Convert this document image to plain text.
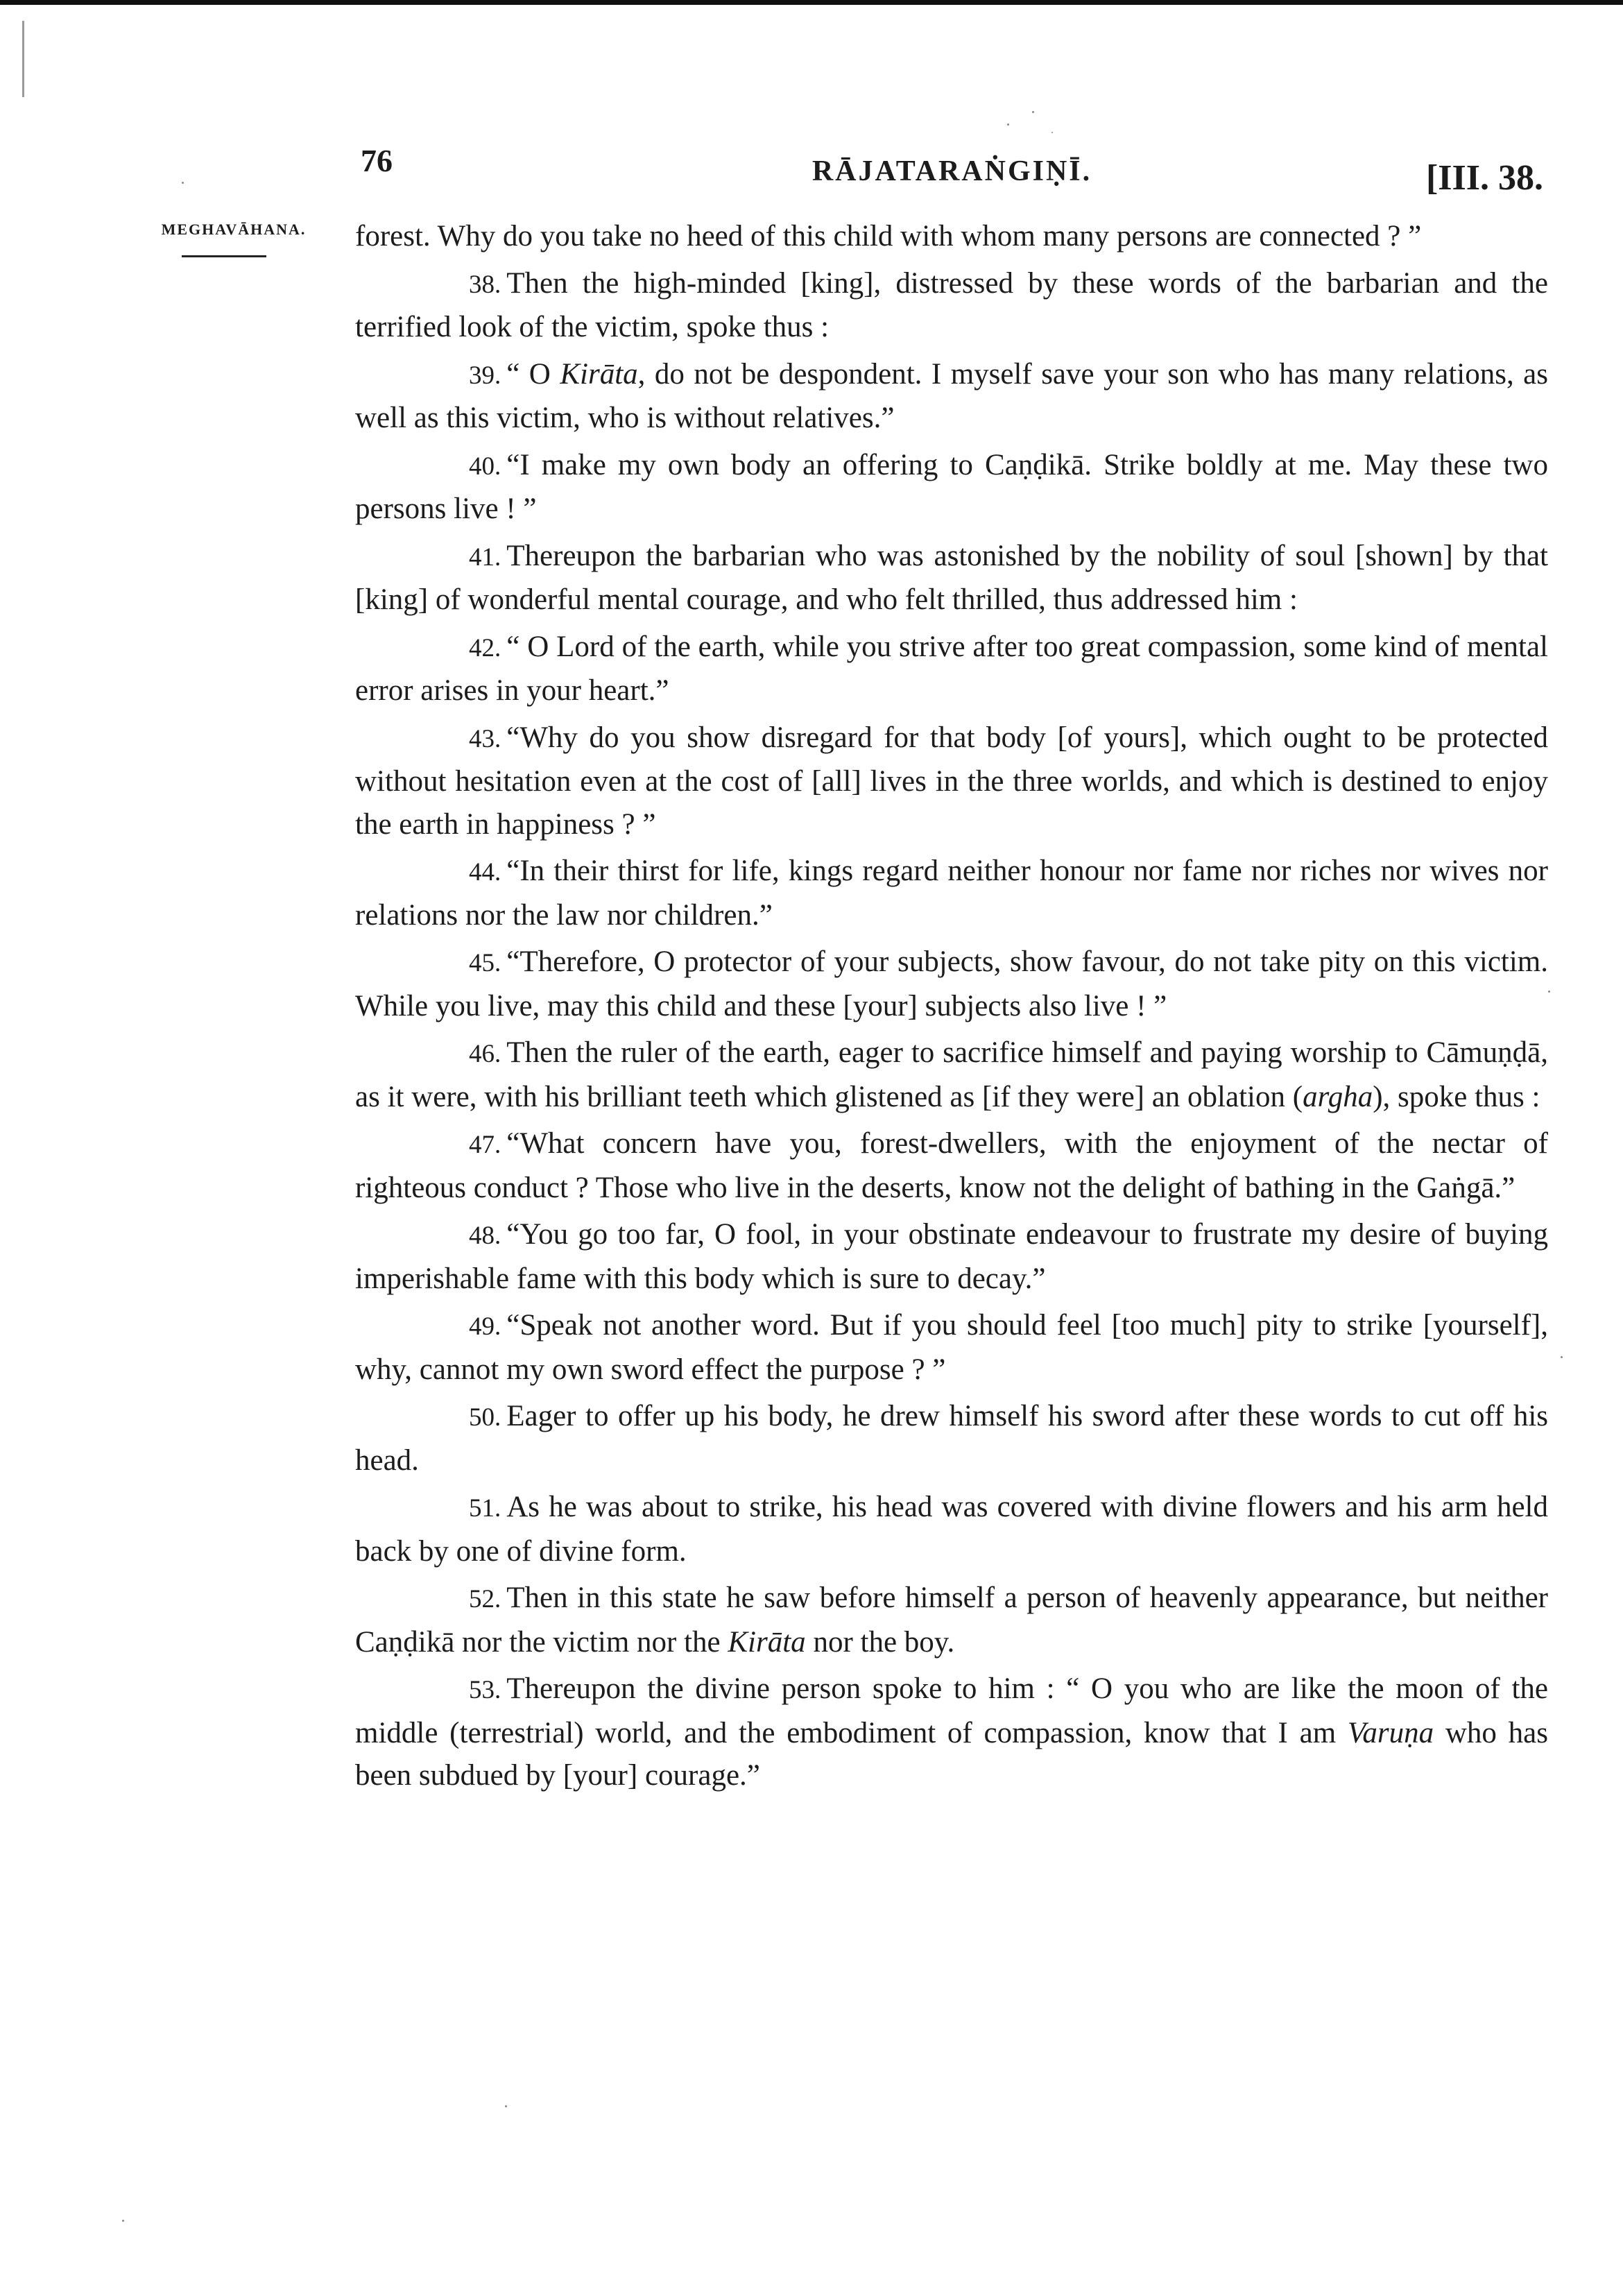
76	RĀJATARAṄGIṆĪ.	[III. 38.
MEGHAVĀHANA.	forest. Why do you take no heed of this child with whom many persons are connected ? ”

38. Then the high-minded [king], distressed by these words of the barbarian and the terrified look of the victim, spoke thus :

39. “ O Kirāta, do not be despondent. I myself save your son who has many relations, as well as this victim, who is without relatives.”

40. “I make my own body an offering to Caṇḍikā. Strike boldly at me. May these two persons live ! ”

41. Thereupon the barbarian who was astonished by the nobility of soul [shown] by that [king] of wonderful mental courage, and who felt thrilled, thus addressed him :

42. “ O Lord of the earth, while you strive after too great compassion, some kind of mental error arises in your heart.”

43. “Why do you show disregard for that body [of yours], which ought to be protected without hesitation even at the cost of [all] lives in the three worlds, and which is destined to enjoy the earth in happiness ? ”

44. “In their thirst for life, kings regard neither honour nor fame nor riches nor wives nor relations nor the law nor children.”

45. “Therefore, O protector of your subjects, show favour, do not take pity on this victim. While you live, may this child and these [your] subjects also live ! ”

46. Then the ruler of the earth, eager to sacrifice himself and paying worship to Cāmuṇḍā, as it were, with his brilliant teeth which glistened as [if they were] an oblation (argha), spoke thus :

47. “What concern have you, forest-dwellers, with the enjoyment of the nectar of righteous conduct ? Those who live in the deserts, know not the delight of bathing in the Gaṅgā.”

48. “You go too far, O fool, in your obstinate endeavour to frustrate my desire of buying imperishable fame with this body which is sure to decay.”

49. “Speak not another word. But if you should feel [too much] pity to strike [yourself], why, cannot my own sword effect the purpose ? ”

50. Eager to offer up his body, he drew himself his sword after these words to cut off his head.

51. As he was about to strike, his head was covered with divine flowers and his arm held back by one of divine form.

52. Then in this state he saw before himself a person of heavenly appearance, but neither Caṇḍikā nor the victim nor the Kirāta nor the boy.

53. Thereupon the divine person spoke to him : “ O you who are like the moon of the middle (terrestrial) world, and the embodiment of compassion, know that I am Varuṇa who has been subdued by [your] courage.”
